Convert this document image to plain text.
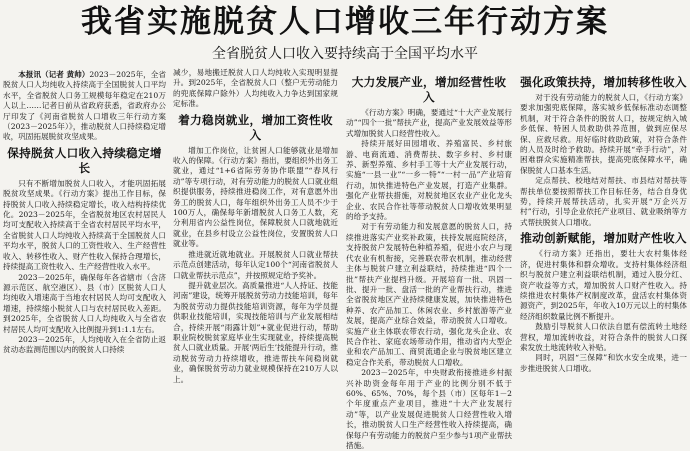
我省实施脱贫人口增收三年行动方案
全省脱贫人口收入要持续高于全国平均水平

本报讯（记者 黄帅）2023－2025年，全省脱贫人口人均纯收入持续高于全国脱贫人口平均水平，全省脱贫人口务工规模每年稳定在210万人以上……记者日前从省政府获悉，省政府办公厅印发了《河南省脱贫人口增收三年行动方案（2023－2025年）》，推动脱贫人口持续稳定增收，巩固拓展脱贫攻坚成果。

保持脱贫人口收入持续稳定增长

只有不断增加脱贫人口收入，才能巩固拓展脱贫攻坚成果。《行动方案》提出工作目标，保持脱贫人口收入持续稳定增长，收入结构持续优化。2023－2025年，全省脱贫地区农村居民人均可支配收入持续高于全省农村居民平均水平，全省脱贫人口人均纯收入持续高于全国脱贫人口平均水平，脱贫人口的工资性收入、生产经营性收入、转移性收入、财产性收入保持合理增长，持续提高工资性收入、生产经营性收入水平。

2023－2025年，确保每年各省辖市（含济源示范区、航空港区）、县（市）区脱贫人口人均纯收入增速高于当地农村居民人均可支配收入增速，持续缩小脱贫人口与农村居民收入差距。到2025年，全省脱贫人口人均纯收入与全省农村居民人均可支配收入比例提升到1:1.1左右。

2023－2025年，人均纯收入在全省防止返贫动态监测范围以内的脱贫人口持续

减少，易地搬迁脱贫人口人均纯收入实现明显提升。到2025年，全省脱贫人口（整户无劳动能力的兜底保障户除外）人均纯收入力争达到国家规定标准。

着力稳岗就业，增加工资性收入

增加工作岗位，让贫困人口能够就业是增加收入的保障。《行动方案》指出，要组织外出务工就业，通过“1+6省际劳务协作联盟”“春风行动”等专项行动，对有劳动能力的脱贫人口就业组织提供服务，持续推进稳岗工作，对有意愿外出务工的脱贫人口，每年组织外出务工人员不少于100万人，确保每年新增脱贫人口务工人数，充分利用省内公益性岗位，保障脱贫人口就地就近就业，在县乡村设立公益性岗位，安置脱贫人口就业等。

推进就近就地就业。开展脱贫人口就业帮扶示范点创建活动，每年认定100个“河南省脱贫人口就业帮扶示范点”，并按照规定给予奖补。

提升就业层次。高质量推进“人人持证、技能河南”建设，统筹开展脱贫劳动力技能培训，每年为脱贫劳动力提供技能培训资源，每年为学员提供职业技能培训，实现技能培训与产业发展相结合，持续开展“雨露计划”+就业促进行动，帮助职业院校脱贫家庭毕业生实现就业，持续提高脱贫人口就业质量。开展‘两后生’技能提升行动，推动脱贫劳动力持续增收，推进帮扶车间稳岗就业，确保脱贫劳动力就业规模保持在210万人以上。

大力发展产业，增加经营性收入

《行动方案》明确，要通过“十大产业发展行动”“四个一批”帮扶产业，提高产业发展效益等形式增加脱贫人口经营性收入。

持续开展好田园增收、养殖富民、乡村旅游、电商流通、消费帮扶、数字乡村、乡村康养、新型养殖、乡村手工等十大产业发展行动，实施“一县一业”“一乡一特”“一村一品”产业培育行动，加快推进特色产业发展，打造产业集群。强化产业帮扶措施，对脱贫地区农业产业化龙头企业、农民合作社等带动脱贫人口增收效果明显的给予支持。

对于有劳动能力和发展意愿的脱贫人口，持续推进落实产业奖补政策，扶持发展庭院经济，支持脱贫户发展特色种植养殖，促进小农户与现代农业有机衔接，完善联农带农机制，推动经营主体与脱贫户建立利益联结，持续推进“四个一批”帮扶产业提档升级。开展培育一批、巩固一批、提升一批、盘活一批的产业帮扶行动，推进全省脱贫地区产业持续健康发展，加快推进特色种养、农产品加工、休闲农业、乡村旅游等产业发展，提高产业综合效益，带动脱贫人口增收。实施产业主体联农带农行动，强化龙头企业、农民合作社、家庭农场带动作用，推动省内大型企业和农产品加工、商贸流通企业与脱贫地区建立稳定合作关系，带动脱贫人口增收。

2023－2025年，中央财政衔接推进乡村振兴补助资金每年用于产业的比例分别不低于60%、65%、70%，每个县（市）区每年1－2个年度重点产业项目，推进“十大产业发展行动”等，以产业发展促进脱贫人口经营性收入增长，推动脱贫人口生产经营性收入持续提高，确保每户有劳动能力的脱贫户至少参与1项产业帮扶措施。

强化政策扶持，增加转移性收入

对于没有劳动能力的脱贫人口，《行动方案》要求加强兜底保障，落实城乡低保标准动态调整机制，对于符合条件的脱贫人口，按规定纳入城乡低保、特困人员救助供养范围，做到应保尽保、应救尽救。用好临时救助政策，对符合条件的人员及时给予救助。持续开展“牵手行动”，对困难群众实施精准帮扶，提高兜底保障水平，确保脱贫人口基本生活。

定点帮扶、校地结对帮扶、市县结对帮扶等帮扶单位要按照帮扶工作目标任务，结合自身优势，持续开展帮扶活动，扎实开展“万企兴万村”行动，引导企业依托产业项目、就业吸纳等方式帮扶脱贫人口增收。

推动创新赋能，增加财产性收入

《行动方案》还指出，要壮大农村集体经济，促进村集体和群众增收。支持村集体经济组织与脱贫户建立利益联结机制，通过入股分红、资产收益等方式，增加脱贫人口财产性收入。持续推进农村集体产权制度改革，盘活农村集体资源资产，到2025年，年收入10万元以上的村集体经济组织数量比例不断提升。

鼓励引导脱贫人口依法自愿有偿流转土地经营权，增加流转收益，对符合条件的脱贫人口探索发放土地流转收入补贴。

同时，巩固“三保障”和饮水安全成果，进一步推进脱贫人口增收。
